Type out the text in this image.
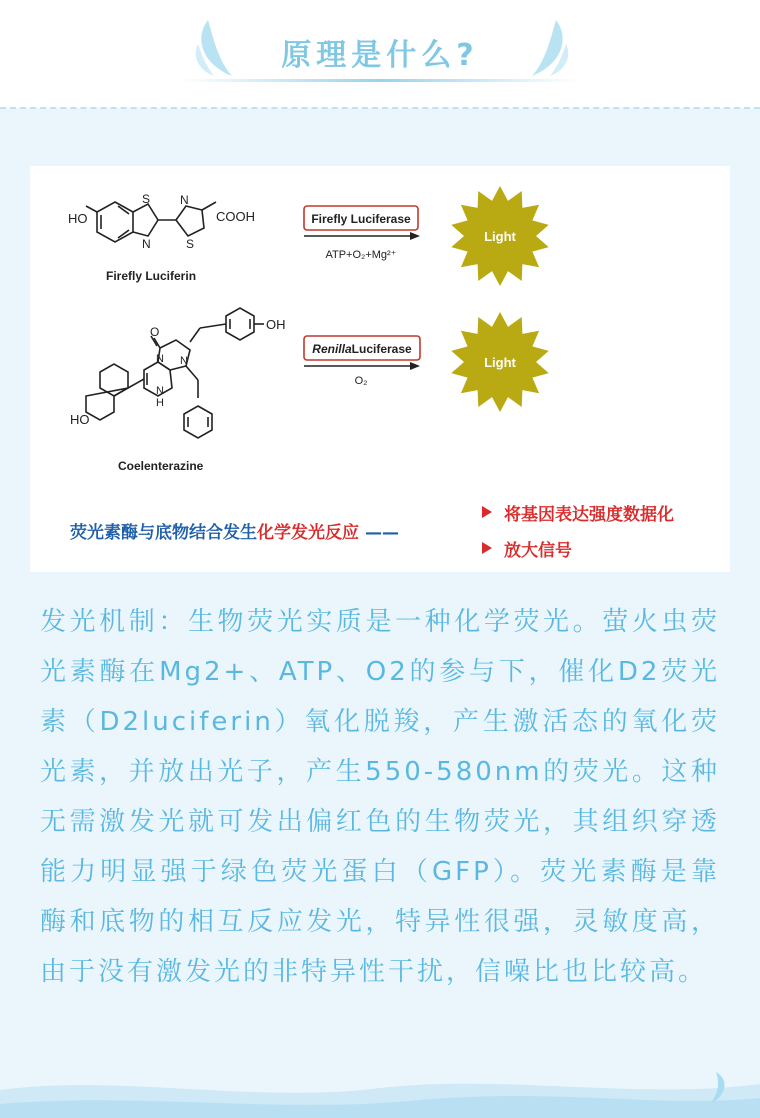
原理是什么?
HO
S
N
N
S
COOH
Firefly Luciferin
Firefly Luciferase
ATP+O₂+Mg²⁺
Light
O	OH
N N
N
H
HO
Coelenterazine
RenillaLuciferase
O₂
Light
荧光素酶与底物结合发生化学发光反应 ——
将基因表达强度数据化
放大信号
发光机制：生物荧光实质是一种化学荧光。萤火虫荧光素酶在Mg2+、ATP、O2的参与下，催化D2荧光素（D2luciferin）氧化脱羧，产生激活态的氧化荧光素，并放出光子，产生550-580nm的荧光。这种无需激发光就可发出偏红色的生物荧光，其组织穿透能力明显强于绿色荧光蛋白（GFP）。荧光素酶是靠酶和底物的相互反应发光，特异性很强，灵敏度高，由于没有激发光的非特异性干扰，信噪比也比较高。
